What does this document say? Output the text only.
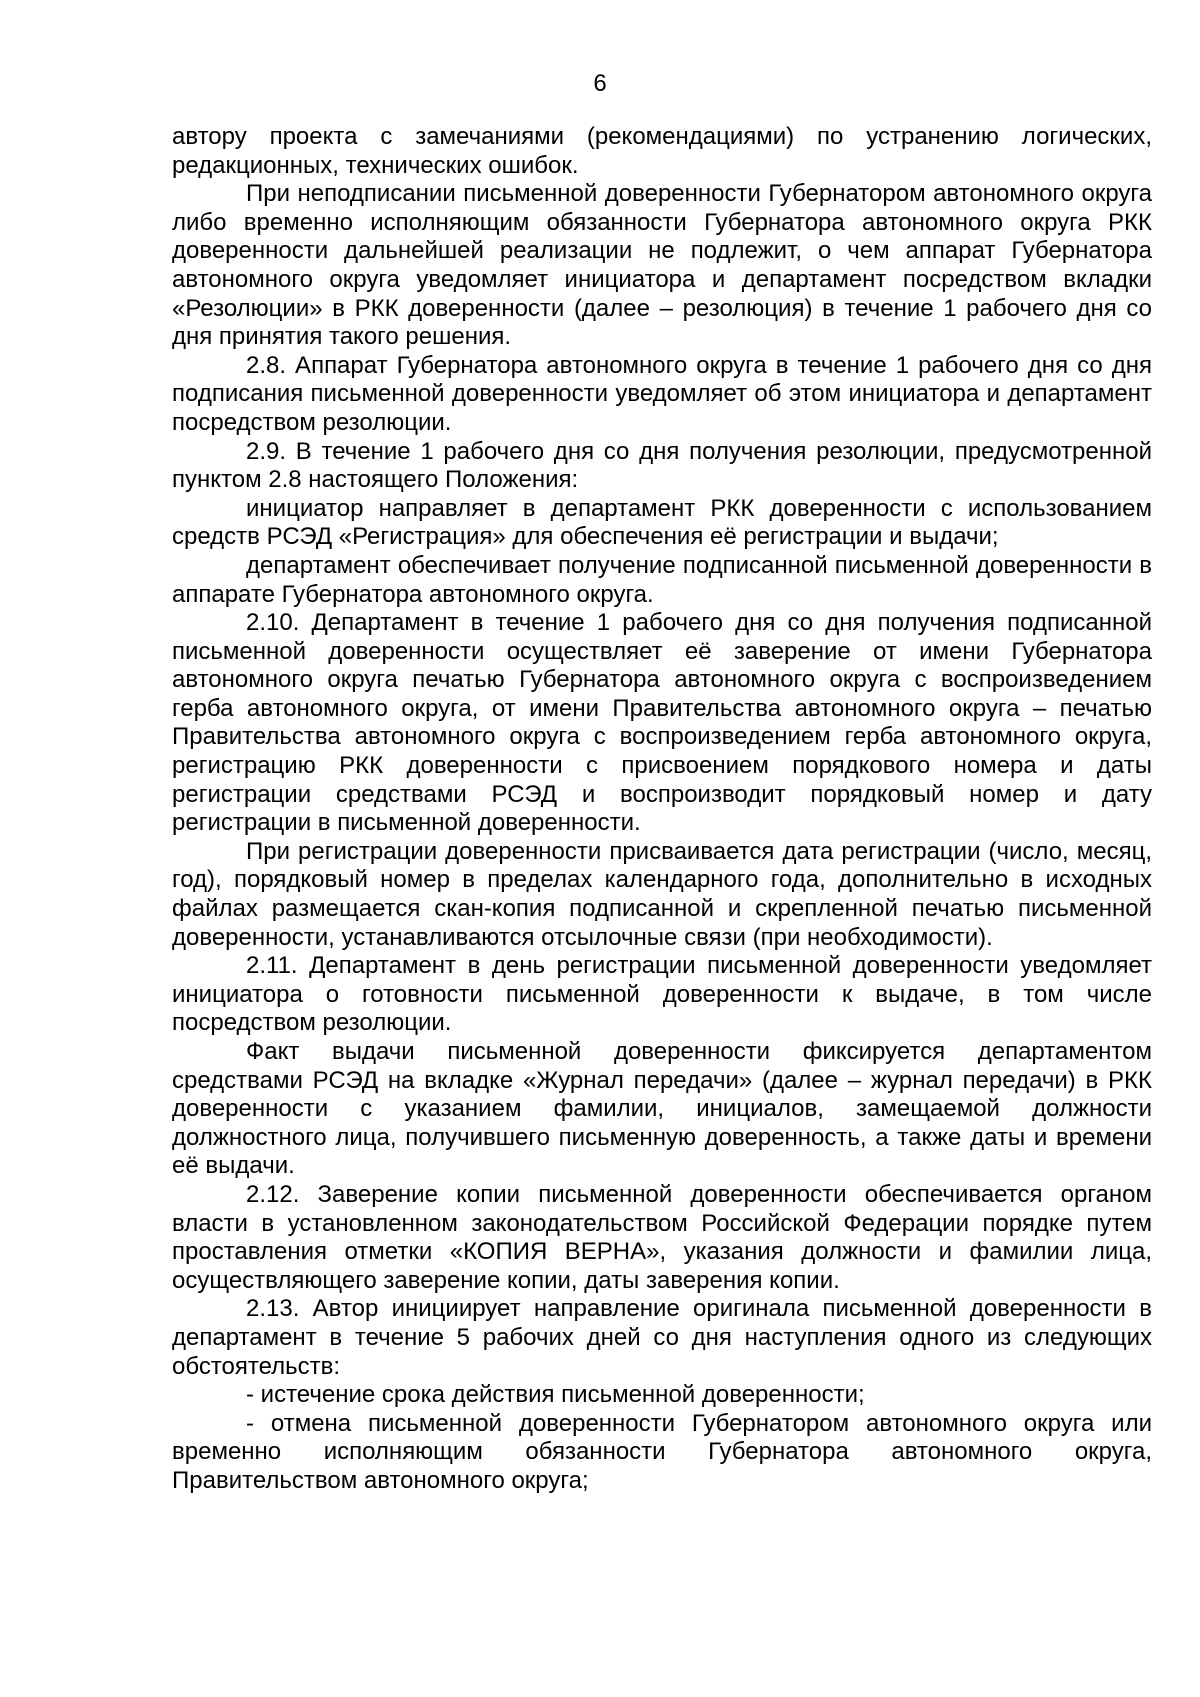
6

автору проекта с замечаниями (рекомендациями) по устранению логических, редакционных, технических ошибок.

При неподписании письменной доверенности Губернатором автономного округа либо временно исполняющим обязанности Губернатора автономного округа РКК доверенности дальнейшей реализации не подлежит, о чем аппарат Губернатора автономного округа уведомляет инициатора и департамент посредством вкладки «Резолюции» в РКК доверенности (далее – резолюция) в течение 1 рабочего дня со дня принятия такого решения.

2.8. Аппарат Губернатора автономного округа в течение 1 рабочего дня со дня подписания письменной доверенности уведомляет об этом инициатора и департамент посредством резолюции.

2.9. В течение 1 рабочего дня со дня получения резолюции, предусмотренной пунктом 2.8 настоящего Положения:

инициатор направляет в департамент РКК доверенности с использованием средств РСЭД «Регистрация» для обеспечения её регистрации и выдачи;

департамент обеспечивает получение подписанной письменной доверенности в аппарате Губернатора автономного округа.

2.10. Департамент в течение 1 рабочего дня со дня получения подписанной письменной доверенности осуществляет её заверение от имени Губернатора автономного округа печатью Губернатора автономного округа с воспроизведением герба автономного округа, от имени Правительства автономного округа – печатью Правительства автономного округа с воспроизведением герба автономного округа, регистрацию РКК доверенности с присвоением порядкового номера и даты регистрации средствами РСЭД и воспроизводит порядковый номер и дату регистрации в письменной доверенности.

При регистрации доверенности присваивается дата регистрации (число, месяц, год), порядковый номер в пределах календарного года, дополнительно в исходных файлах размещается скан-копия подписанной и скрепленной печатью письменной доверенности, устанавливаются отсылочные связи (при необходимости).

2.11. Департамент в день регистрации письменной доверенности уведомляет инициатора о готовности письменной доверенности к выдаче, в том числе посредством резолюции.

Факт выдачи письменной доверенности фиксируется департаментом средствами РСЭД на вкладке «Журнал передачи» (далее – журнал передачи) в РКК доверенности с указанием фамилии, инициалов, замещаемой должности должностного лица, получившего письменную доверенность, а также даты и времени её выдачи.

2.12. Заверение копии письменной доверенности обеспечивается органом власти в установленном законодательством Российской Федерации порядке путем проставления отметки «КОПИЯ ВЕРНА», указания должности и фамилии лица, осуществляющего заверение копии, даты заверения копии.

2.13. Автор инициирует направление оригинала письменной доверенности в департамент в течение 5 рабочих дней со дня наступления одного из следующих обстоятельств:

- истечение срока действия письменной доверенности;

- отмена письменной доверенности Губернатором автономного округа или временно исполняющим обязанности Губернатора автономного округа, Правительством автономного округа;
